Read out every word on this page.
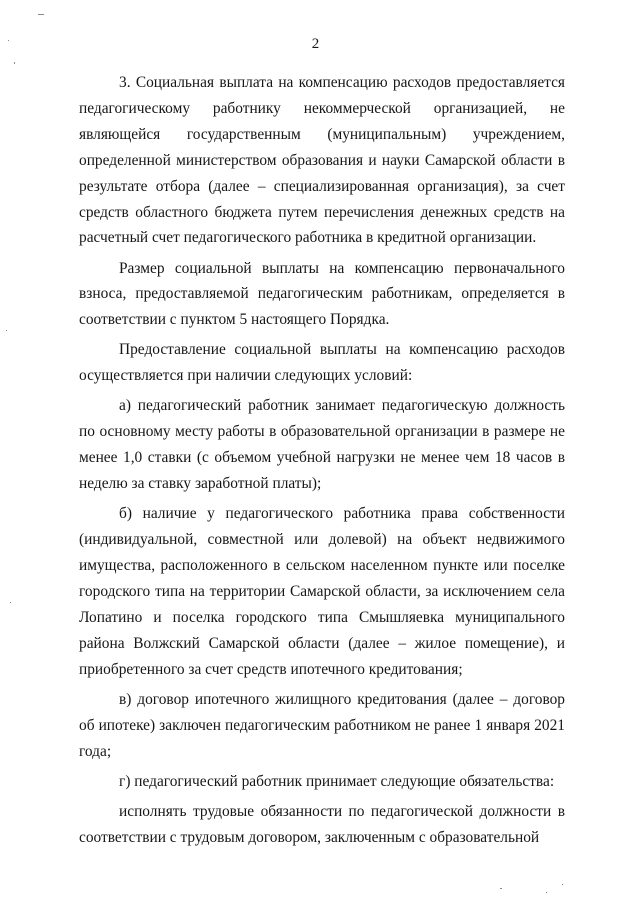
2

3. Социальная выплата на компенсацию расходов предоставляется педагогическому работнику некоммерческой организацией, не являющейся государственным (муниципальным) учреждением, определенной министерством образования и науки Самарской области в результате отбора (далее – специализированная организация), за счет средств областного бюджета путем перечисления денежных средств на расчетный счет педагогического работника в кредитной организации.

Размер социальной выплаты на компенсацию первоначального взноса, предоставляемой педагогическим работникам, определяется в соответствии с пунктом 5 настоящего Порядка.

Предоставление социальной выплаты на компенсацию расходов осуществляется при наличии следующих условий:

а) педагогический работник занимает педагогическую должность по основному месту работы в образовательной организации в размере не менее 1,0 ставки (с объемом учебной нагрузки не менее чем 18 часов в неделю за ставку заработной платы);

б) наличие у педагогического работника права собственности (индивидуальной, совместной или долевой) на объект недвижимого имущества, расположенного в сельском населенном пункте или поселке городского типа на территории Самарской области, за исключением села Лопатино и поселка городского типа Смышляевка муниципального района Волжский Самарской области (далее – жилое помещение), и приобретенного за счет средств ипотечного кредитования;

в) договор ипотечного жилищного кредитования (далее – договор об ипотеке) заключен педагогическим работником не ранее 1 января 2021 года;

г) педагогический работник принимает следующие обязательства:

исполнять трудовые обязанности по педагогической должности в соответствии с трудовым договором, заключенным с образовательной
